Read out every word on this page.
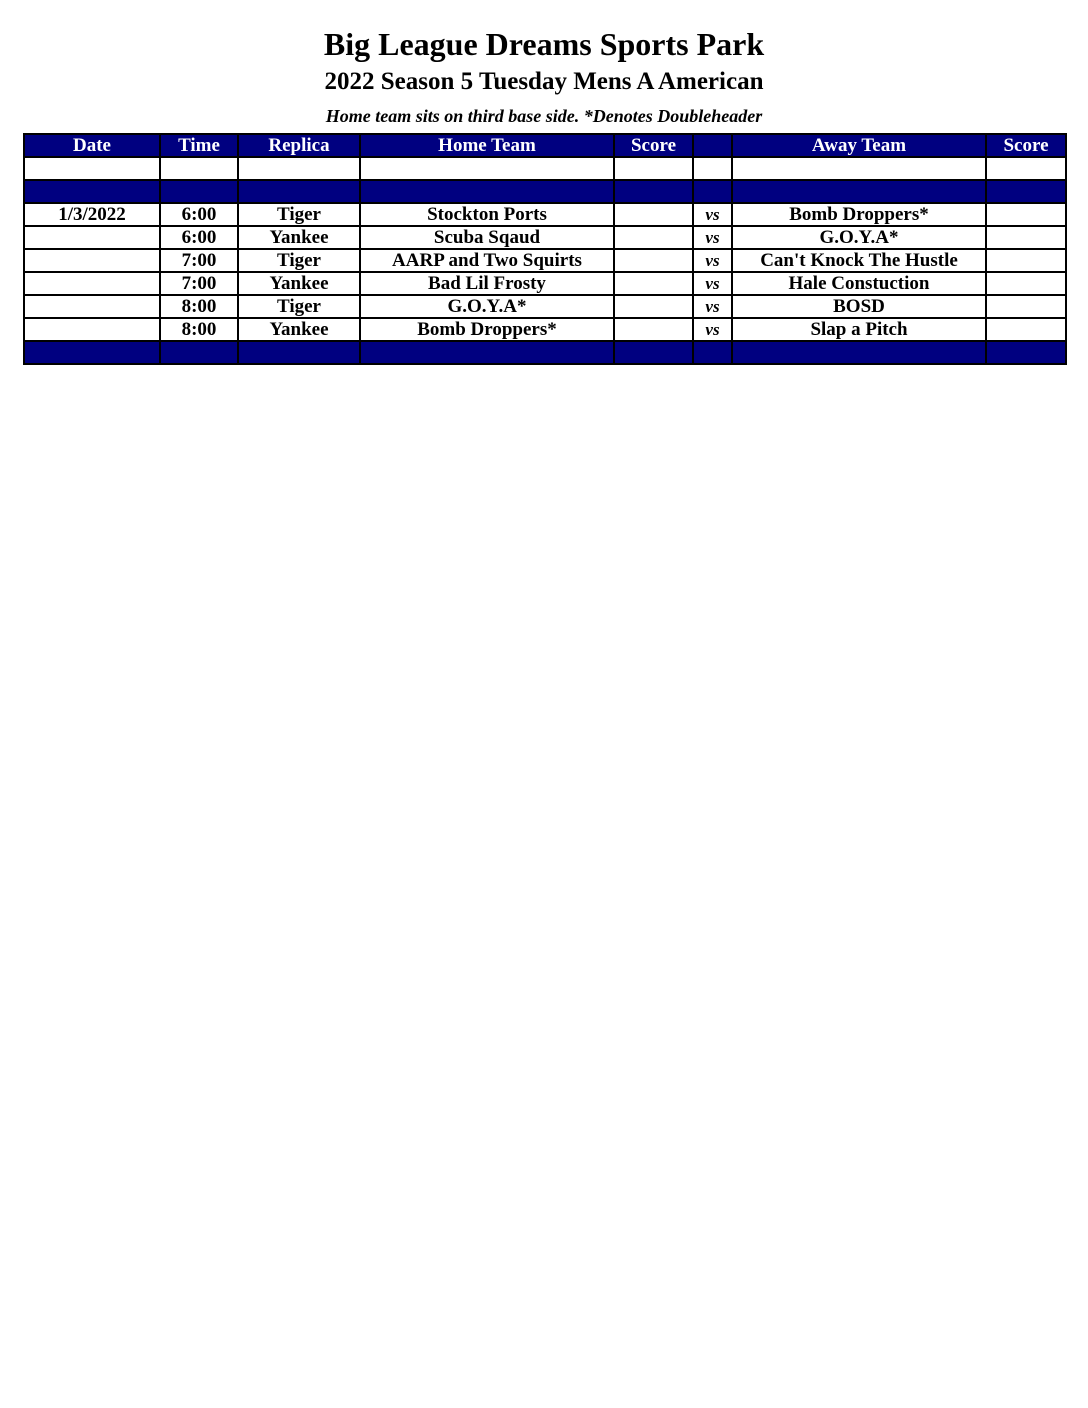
Big League Dreams Sports Park
2022 Season 5 Tuesday Mens A American

Home team sits on third base side. *Denotes Doubleheader

Date	Time	Replica	Home Team	Score		Away Team	Score

1/3/2022	6:00	Tiger	Stockton Ports		vs	Bomb Droppers*	
	6:00	Yankee	Scuba Sqaud		vs	G.O.Y.A*	
	7:00	Tiger	AARP and Two Squirts		vs	Can't Knock The Hustle	
	7:00	Yankee	Bad Lil Frosty		vs	Hale Constuction	
	8:00	Tiger	G.O.Y.A*		vs	BOSD	
	8:00	Yankee	Bomb Droppers*		vs	Slap a Pitch	
